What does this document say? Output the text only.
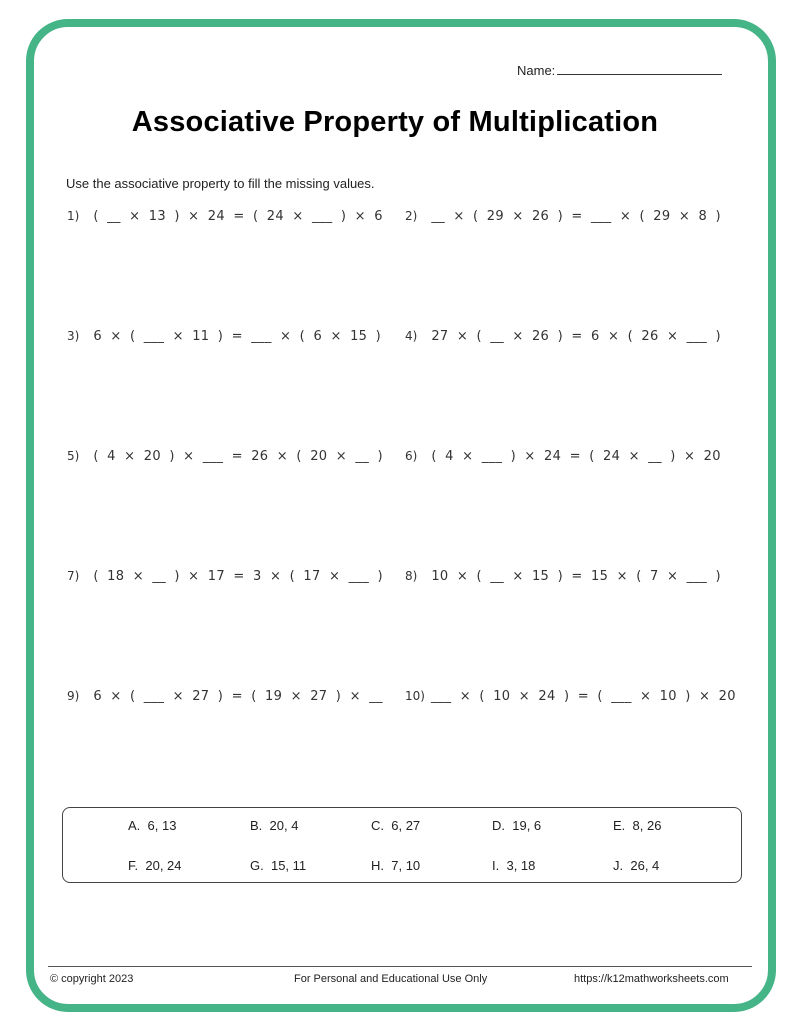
Name:
Associative Property of Multiplication
Use the associative property to fill the missing values.
1) ( __ × 13 ) × 24 = ( 24 × ___ ) × 6 2) __ × ( 29 × 26 ) = ___ × ( 29 × 8 )
3) 6 × ( ___ × 11 ) = ___ × ( 6 × 15 ) 4) 27 × ( __ × 26 ) = 6 × ( 26 × ___ )
5) ( 4 × 20 ) × ___ = 26 × ( 20 × __ ) 6) ( 4 × ___ ) × 24 = ( 24 × __ ) × 20
7) ( 18 × __ ) × 17 = 3 × ( 17 × ___ ) 8) 10 × ( __ × 15 ) = 15 × ( 7 × ___ )
9) 6 × ( ___ × 27 ) = ( 19 × 27 ) × __ 10) ___ × ( 10 × 24 ) = ( ___ × 10 ) × 20
A. 6, 13	B. 20, 4	C. 6, 27	D. 19, 6	E. 8, 26
F. 20, 24	G. 15, 11	H. 7, 10	I. 3, 18	J. 26, 4
© copyright 2023	For Personal and Educational Use Only	https://k12mathworksheets.com
